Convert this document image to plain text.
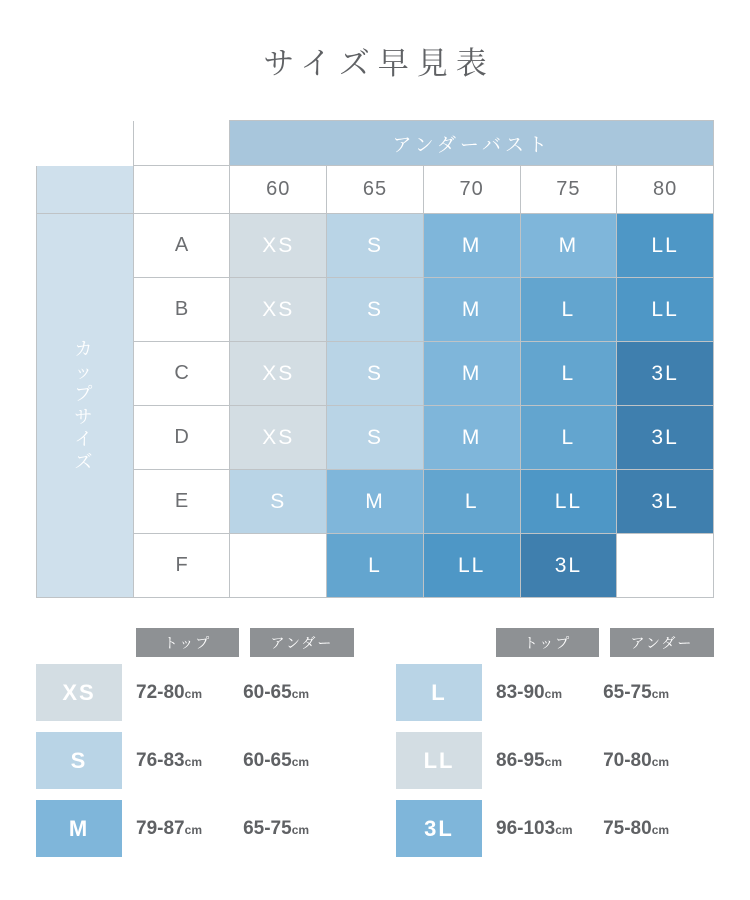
サイズ早見表
		アンダーバスト				
		60	65	70	75	80

カ
ッ
プ
サ
イ
ズ
	A	XS	S	M	M	LL
	B	XS	S	M	L	LL
	C	XS	S	M	L	3L
	D	XS	S	M	L	3L
	E	S	M	L	LL	3L
	F		L	LL	3L	
トップ	アンダー
XS	72-80cm	60-65cm
S	76-83cm	60-65cm
M	79-87cm	65-75cm
トップ	アンダー
L	83-90cm	65-75cm
LL	86-95cm	70-80cm
3L	96-103cm	75-80cm
